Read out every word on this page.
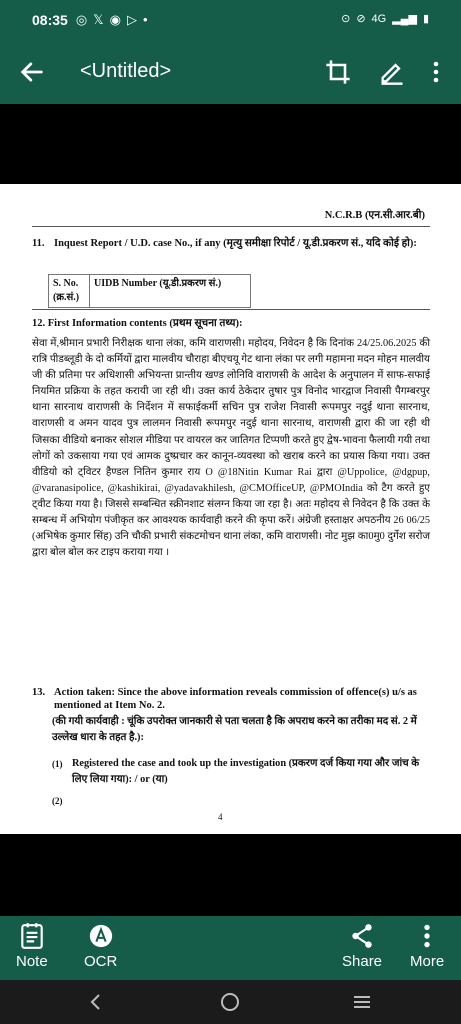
08:35 ◎ 𝕏 ◉ ▷ •	⊙ ⊘ 4G ▂▄▆ ▮
<Untitled>
N.C.R.B (एन.सी.आर.बी)
11. Inquest Report / U.D. case No., if any (मृत्यु समीक्षा रिपोर्ट / यू.डी.प्रकरण सं., यदि कोई हो):
S. No. (क्र.सं.)	UIDB Number (यू.डी.प्रकरण सं.)
12. First Information contents (प्रथम सूचना तथ्य):
सेवा में,श्रीमान प्रभारी निरीक्षक थाना लंका, कमि वाराणसी। महोदय, निवेदन है कि दिनांक 24/25.06.2025 की रात्रि पीडब्लूडी के दो कर्मियों द्वारा मालवीय चौराहा बीएचयू गेट थाना लंका पर लगी महामना मदन मोहन मालवीय जी की प्रतिमा पर अधिशासी अभियन्ता प्रान्तीय खण्ड लोनिवि वाराणसी के आदेश के अनुपालन में साफ-सफाई नियमित प्रक्रिया के तहत करायी जा रही थी। उक्त कार्य ठेकेदार तुषार पुत्र विनोद भारद्वाज निवासी पैगम्बरपुर थाना सारनाथ वाराणसी के निर्देशन में सफाईकर्मी सचिन पुत्र राजेश निवासी रूपमपुर नदुई थाना सारनाथ, वाराणसी व अमन यादव पुत्र लालमन निवासी रूपमपुर नदुई थाना सारनाथ, वाराणसी द्वारा की जा रही थी जिसका वीडियो बनाकर सोशल मीडिया पर वायरल कर जातिगत टिप्पणी करते हुए द्वेष-भावना फैलायी गयी तथा लोगों को उकसाया गया एवं आमक दुष्प्रचार कर कानून-व्यवस्था को खराब करने का प्रयास किया गया। उक्त वीडियो को ट्विटर हैण्डल नितिन कुमार राय O @18Nitin Kumar Rai द्वारा @Uppolice, @dgpup, @varanasipolice, @kashikirai, @yadavakhilesh, @CMOfficeUP, @PMOIndia को टैग करते हुए ट्वीट किया गया है। जिससे सम्बन्धित स्क्रीनशाट संलग्न किया जा रहा है। अतः महोदय से निवेदन है कि उक्त के सम्बन्ध में अभियोग पंजीकृत कर आवश्यक कार्यवाही करने की कृपा करें। अंग्रेजी हस्ताक्षर अपठनीय 26 06/25 (अभिषेक कुमार सिंह) उनि चौकी प्रभारी संकटमोचन थाना लंका, कमि वाराणसी। नोट मुझ का0मु0 दुर्गेश सरोज द्वारा बोल बोल कर टाइप कराया गया ।
13. Action taken: Since the above information reveals commission of offence(s) u/s as mentioned at Item No. 2.
(की गयी कार्यवाही : चूंकि उपरोक्त जानकारी से पता चलता है कि अपराध करने का तरीका मद सं. 2 में उल्लेख धारा के तहत है.):
(1) Registered the case and took up the investigation (प्रकरण दर्ज किया गया और जांच के लिए लिया गया): / or (या)
(2)
4
Note OCR	Share More
